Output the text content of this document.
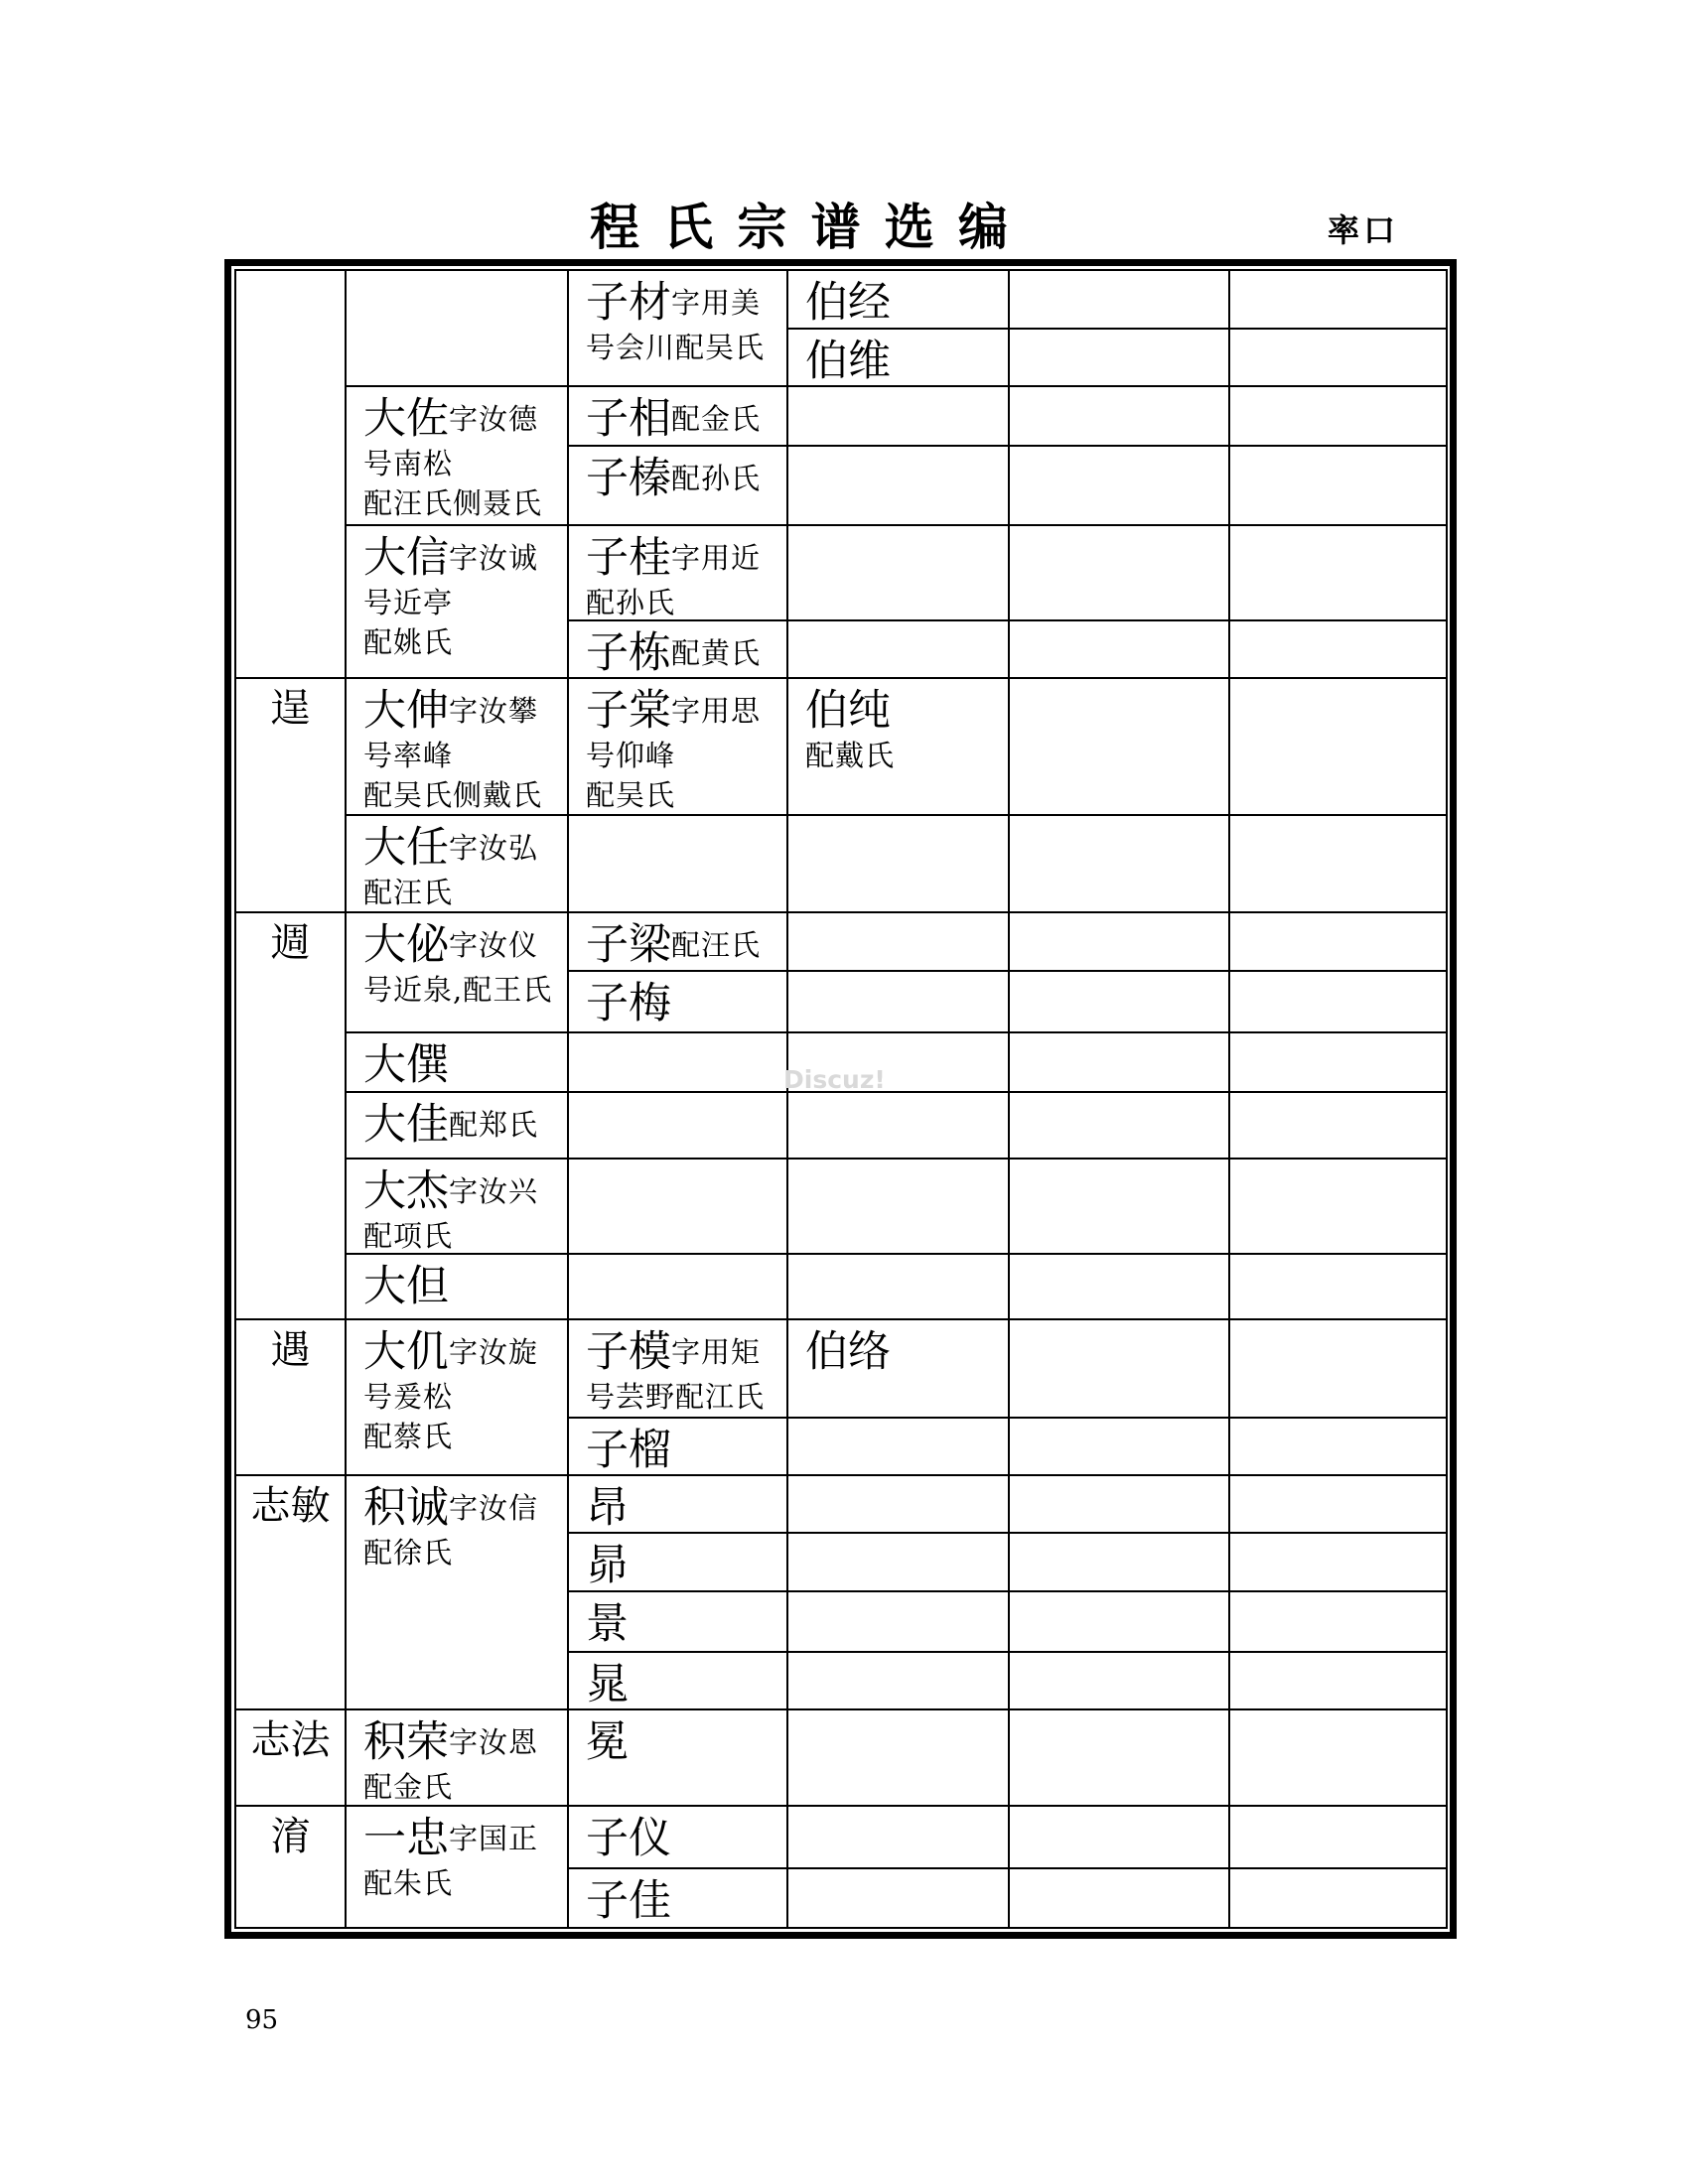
程 氏 宗 谱 选 编	率口
逞
週
遇
志敏
志法
淯
大佐字汝德
号南松
配汪氏侧聂氏
大信字汝诚
号近亭
配姚氏
大伸字汝攀
号率峰
配吴氏侧戴氏
大任字汝弘
配汪氏
大佖字汝仪
号近泉,配王氏
大僎
大佳配郑氏
大杰字汝兴
配项氏
大但
大仉字汝旋
号爰松
配蔡氏
积诚字汝信
配徐氏
积荣字汝恩
配金氏
一忠字国正
配朱氏
子材字用美
号会川配吴氏
子相配金氏
子榛配孙氏
子桂字用近
配孙氏
子栋配黄氏
子棠字用思
号仰峰
配吴氏
子梁配汪氏
子梅
子模字用矩
号芸野配江氏
子榴
昂
昴
景
晁
冕
子仪
子佳
伯经
伯维
伯纯
配戴氏
伯络
Discuz!
95
